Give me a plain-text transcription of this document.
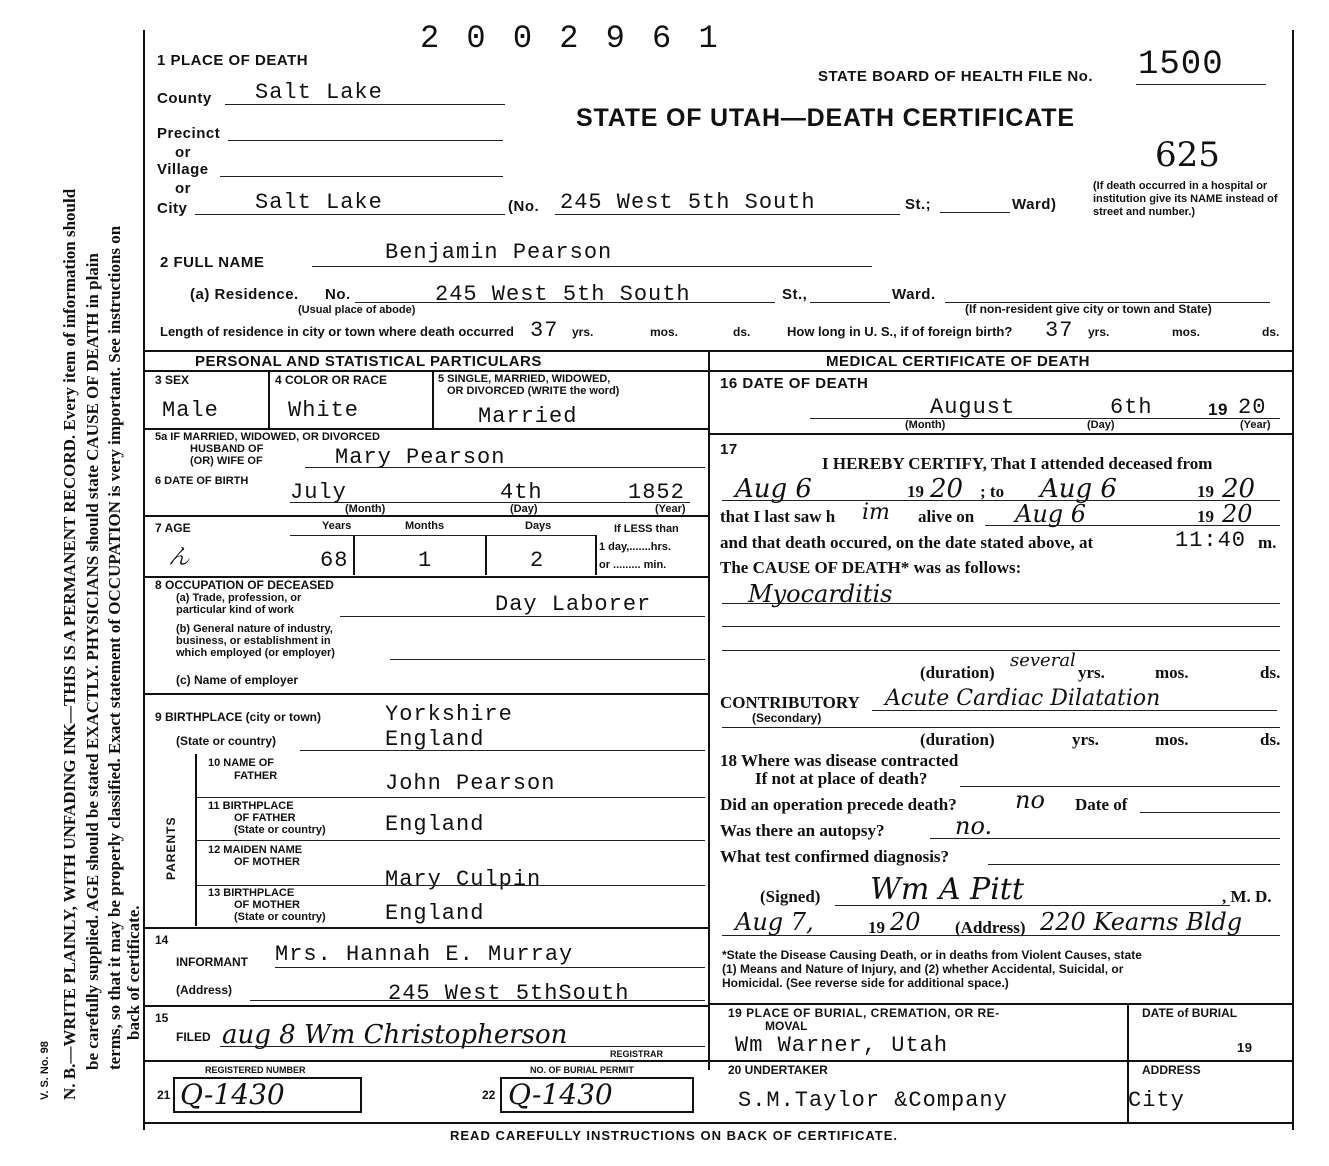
N. B.—WRITE PLAINLY, WITH UNFADING INK—THIS IS A PERMANENT RECORD. Every item of information should be carefully supplied. AGE should be stated EXACTLY. PHYSICIANS should state CAUSE OF DEATH in plain terms, so that it may be properly classified. Exact statement of OCCUPATION is very important. See instructions on back of certificate.
V. S. No. 98
2 0 0 2 9 6 1
1 PLACE OF DEATH
STATE BOARD OF HEALTH FILE No. 1500
STATE OF UTAH—DEATH CERTIFICATE
625
County Salt Lake
Precinct
or
Village
or
City	Salt Lake	(No. 245 West 5th South	St.;	Ward)
(If death occurred in a hospital or institution give its NAME instead of street and number.)
2 FULL NAME	Benjamin Pearson
(a) Residence. No.	245 West 5th South	St.,	Ward.
(Usual place of abode)	(If non-resident give city or town and State)
Length of residence in city or town where death occurred 37 yrs.	mos.	ds.	How long in U. S., if of foreign birth? 37 yrs.	mos.	ds.
PERSONAL AND STATISTICAL PARTICULARS	MEDICAL CERTIFICATE OF DEATH
3 SEX
Male
4 COLOR OR RACE
White
5 SINGLE, MARRIED, WIDOWED,
OR DIVORCED (WRITE the word)
Married
5a IF MARRIED, WIDOWED, OR DIVORCED
HUSBAND OF
(OR) WIFE OF	Mary Pearson
6 DATE OF BIRTH July	4th	1852
(Month)	(Day)	(Year)
7 AGE	Years	Months	Days	If LESS than
1 day,.......hrs.
or ......... min.
ん	68	1	2
8 OCCUPATION OF DECEASED
(a) Trade, profession, or
particular kind of work	Day Laborer
(b) General nature of industry,
business, or establishment in
which employed (or employer)
(c) Name of employer
9 BIRTHPLACE (city or town)	Yorkshire
(State or country)	England
PARENTS
10 NAME OF
FATHER	John Pearson
11 BIRTHPLACE
OF FATHER
(State or country)	England
12 MAIDEN NAME
OF MOTHER
Mary Culpin
13 BIRTHPLACE
OF MOTHER
(State or country)	England
14
INFORMANT Mrs. Hannah E. Murray
(Address)	245 West 5thSouth
15
FILED aug 8 Wm Christopherson
REGISTRAR
REGISTERED NUMBER
21 Q-1430
NO. OF BURIAL PERMIT
22 Q-1430
16 DATE OF DEATH
August	6th	19 20
(Month)	(Day)	(Year)
17
I HEREBY CERTIFY, That I attended deceased from
Aug 6	19 20 ; to Aug 6	19 20
that I last saw h im alive on Aug 6	19 20
and that death occured, on the date stated above, at	11:40 m.
The CAUSE OF DEATH* was as follows:
Myocarditis
(duration)
several
yrs.	mos.	ds.
CONTRIBUTORY Acute Cardiac Dilatation
(Secondary)
(duration)	yrs.	mos.	ds.
18 Where was disease contracted
If not at place of death?
Did an operation precede death? no Date of
Was there an autopsy?	no.
What test confirmed diagnosis?
(Signed) Wm A Pitt	, M. D.
Aug 7,	19 20 (Address) 220 Kearns Bldg
*State the Disease Causing Death, or in deaths from Violent Causes, state
(1) Means and Nature of Injury, and (2) whether Accidental, Suicidal, or
Homicidal. (See reverse side for additional space.)
19 PLACE OF BURIAL, CREMATION, OR RE-
MOVAL
Wm Warner, Utah
DATE of BURIAL
19
20 UNDERTAKER
S.M.Taylor &Company
ADDRESS
City
READ CAREFULLY INSTRUCTIONS ON BACK OF CERTIFICATE.
